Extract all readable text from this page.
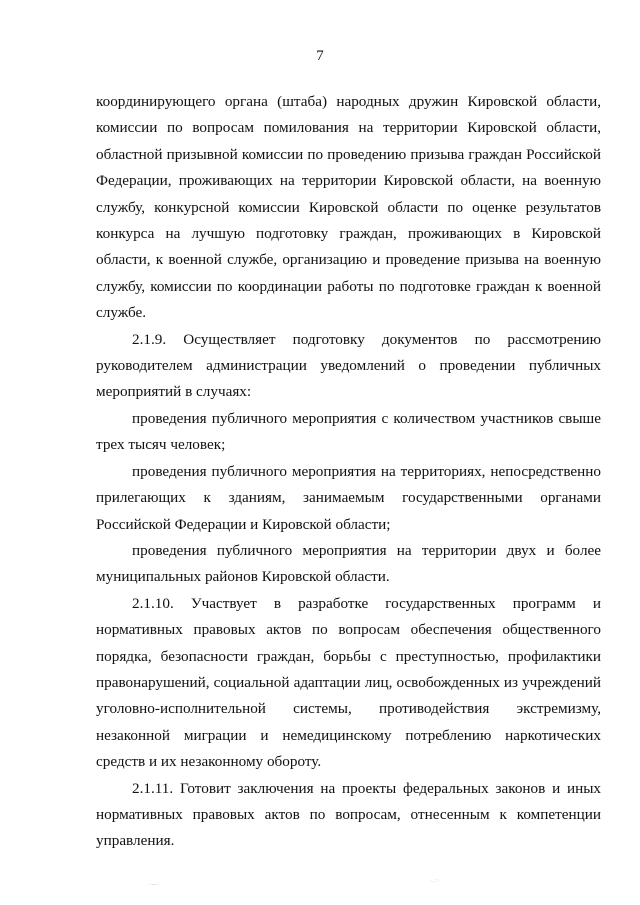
7

координирующего органа (штаба) народных дружин Кировской области, комиссии по вопросам помилования на территории Кировской области, областной призывной комиссии по проведению призыва граждан Российской Федерации, проживающих на территории Кировской области, на военную службу, конкурсной комиссии Кировской области по оценке результатов конкурса на лучшую подготовку граждан, проживающих в Кировской области, к военной службе, организацию и проведение призыва на военную службу, комиссии по координации работы по подготовке граждан к военной службе.

2.1.9. Осуществляет подготовку документов по рассмотрению руководителем администрации уведомлений о проведении публичных мероприятий в случаях:

проведения публичного мероприятия с количеством участников свыше трех тысяч человек;

проведения публичного мероприятия на территориях, непосредственно прилегающих к зданиям, занимаемым государственными органами Российской Федерации и Кировской области;

проведения публичного мероприятия на территории двух и более муниципальных районов Кировской области.

2.1.10. Участвует в разработке государственных программ и нормативных правовых актов по вопросам обеспечения общественного порядка, безопасности граждан, борьбы с преступностью, профилактики правонарушений, социальной адаптации лиц, освобожденных из учреждений уголовно-исполнительной системы, противодействия экстремизму, незаконной миграции и немедицинскому потреблению наркотических средств и их незаконному обороту.

2.1.11. Готовит заключения на проекты федеральных законов и иных нормативных правовых актов по вопросам, отнесенным к компетенции управления.

·—·
·.:·
